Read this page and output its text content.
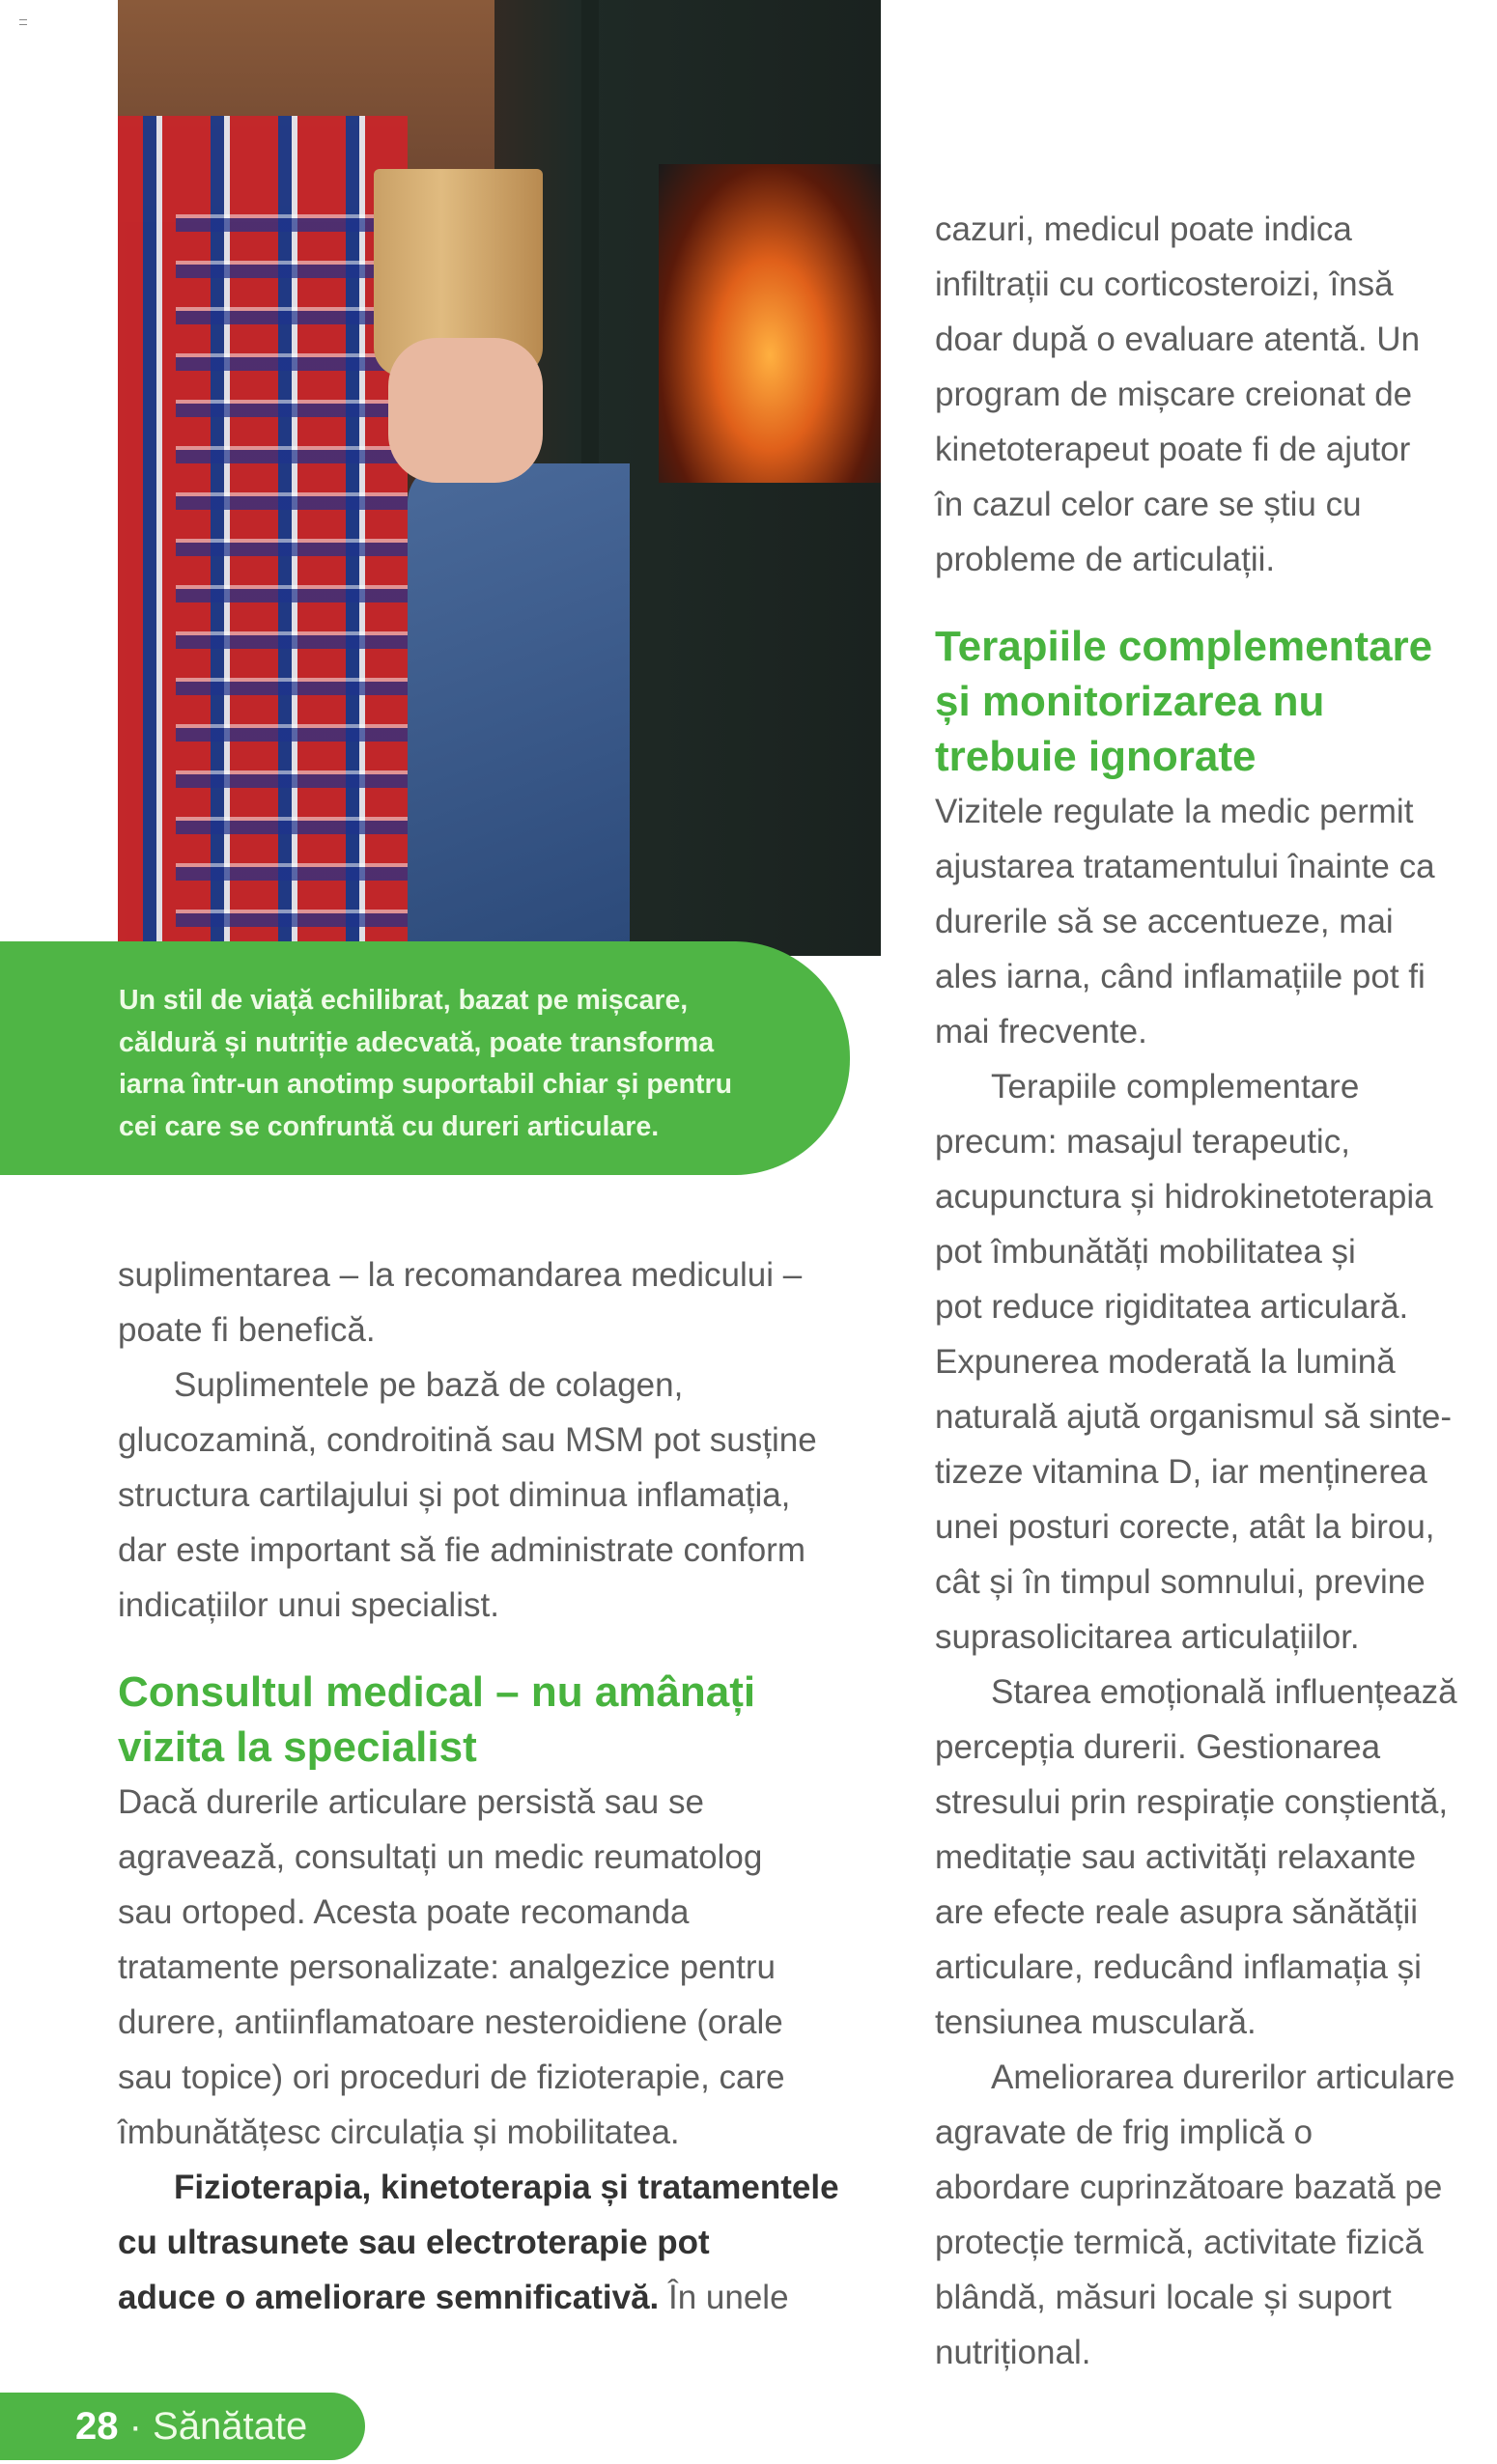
Un stil de viață echilibrat, bazat pe mișcare,
căldură și nutriție adecvată, poate transforma
iarna într-un anotimp suportabil chiar și pentru
cei care se confruntă cu dureri articulare.
suplimentarea – la recomandarea medicului –
poate fi benefică.
Suplimentele pe bază de colagen,
glucozamină, condroitină sau MSM pot susține
structura cartilajului și pot diminua inflamația,
dar este important să fie administrate conform
indicațiilor unui specialist.
Consultul medical – nu amânați
vizita la specialist
Dacă durerile articulare persistă sau se
agravează, consultați un medic reumatolog
sau ortoped. Acesta poate recomanda
tratamente personalizate: analgezice pentru
durere, antiinflamatoare nesteroidiene (orale
sau topice) ori proceduri de fizioterapie, care
îmbunătățesc circulația și mobilitatea.
Fizioterapia, kinetoterapia și tratamentele
cu ultrasunete sau electroterapie pot
aduce o ameliorare semnificativă. În unele
cazuri, medicul poate indica
infiltrații cu corticosteroizi, însă
doar după o evaluare atentă. Un
program de mișcare creionat de
kinetoterapeut poate fi de ajutor
în cazul celor care se știu cu
probleme de articulații.
Terapiile complementare
și monitorizarea nu
trebuie ignorate
Vizitele regulate la medic permit
ajustarea tratamentului înainte ca
durerile să se accentueze, mai
ales iarna, când inflamațiile pot fi
mai frecvente.
Terapiile complementare
precum: masajul terapeutic,
acupunctura și hidrokinetoterapia
pot îmbunătăți mobilitatea și
pot reduce rigiditatea articulară.
Expunerea moderată la lumină
naturală ajută organismul să sinte-
tizeze vitamina D, iar menținerea
unei posturi corecte, atât la birou,
cât și în timpul somnului, previne
suprasolicitarea articulațiilor.
Starea emoțională influențează
percepția durerii. Gestionarea
stresului prin respirație conștientă,
meditație sau activități relaxante
are efecte reale asupra sănătății
articulare, reducând inflamația și
tensiunea musculară.
Ameliorarea durerilor articulare
agravate de frig implică o
abordare cuprinzătoare bazată pe
protecție termică, activitate fizică
blândă, măsuri locale și suport
nutrițional.
28 · Sănătate
